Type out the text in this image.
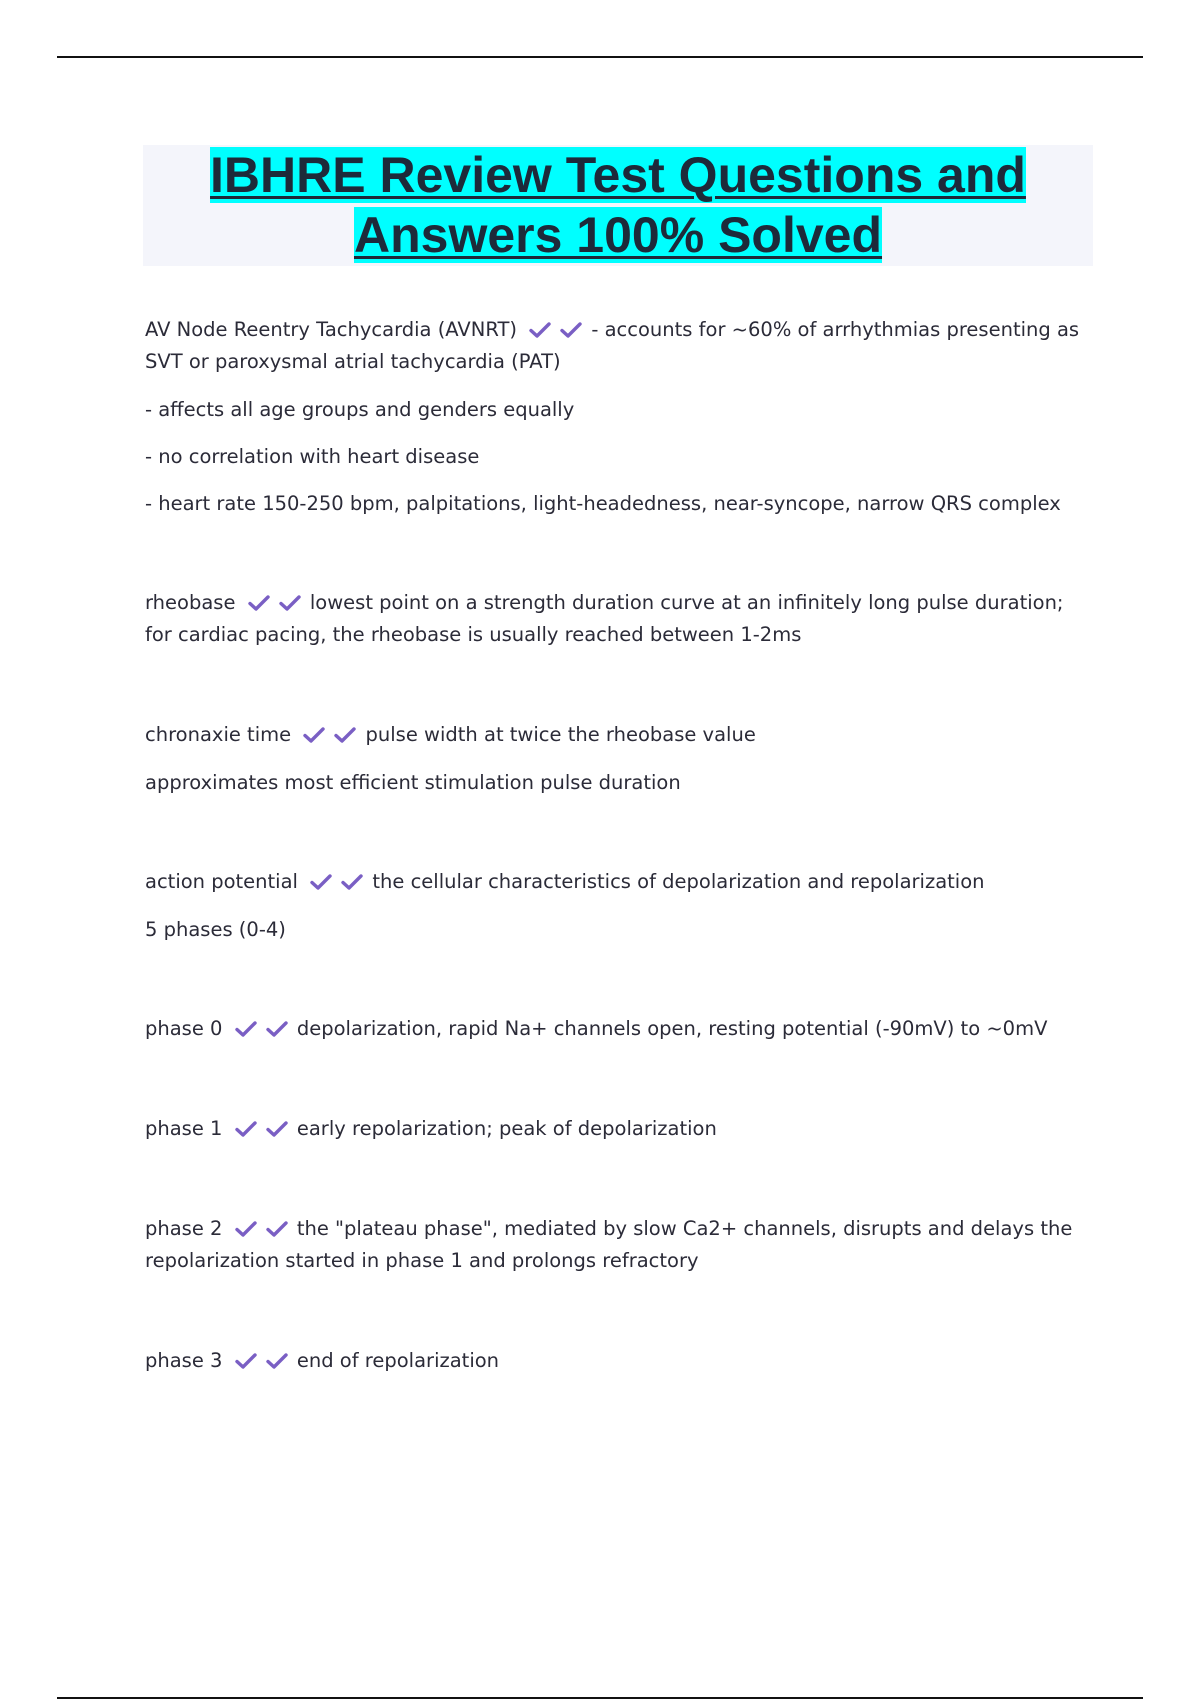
IBHRE Review Test Questions and
Answers 100% Solved

AV Node Reentry Tachycardia (AVNRT)	- accounts for ~60% of arrhythmias presenting as SVT or paroxysmal atrial tachycardia (PAT)

- affects all age groups and genders equally

- no correlation with heart disease

- heart rate 150-250 bpm, palpitations, light-headedness, near-syncope, narrow QRS complex

rheobase	lowest point on a strength duration curve at an infinitely long pulse duration; for cardiac pacing, the rheobase is usually reached between 1-2ms

chronaxie time	pulse width at twice the rheobase value

approximates most efficient stimulation pulse duration

action potential	the cellular characteristics of depolarization and repolarization

5 phases (0-4)

phase 0	depolarization, rapid Na+ channels open, resting potential (-90mV) to ~0mV

phase 1	early repolarization; peak of depolarization

phase 2	the "plateau phase", mediated by slow Ca2+ channels, disrupts and delays the repolarization started in phase 1 and prolongs refractory

phase 3	end of repolarization
